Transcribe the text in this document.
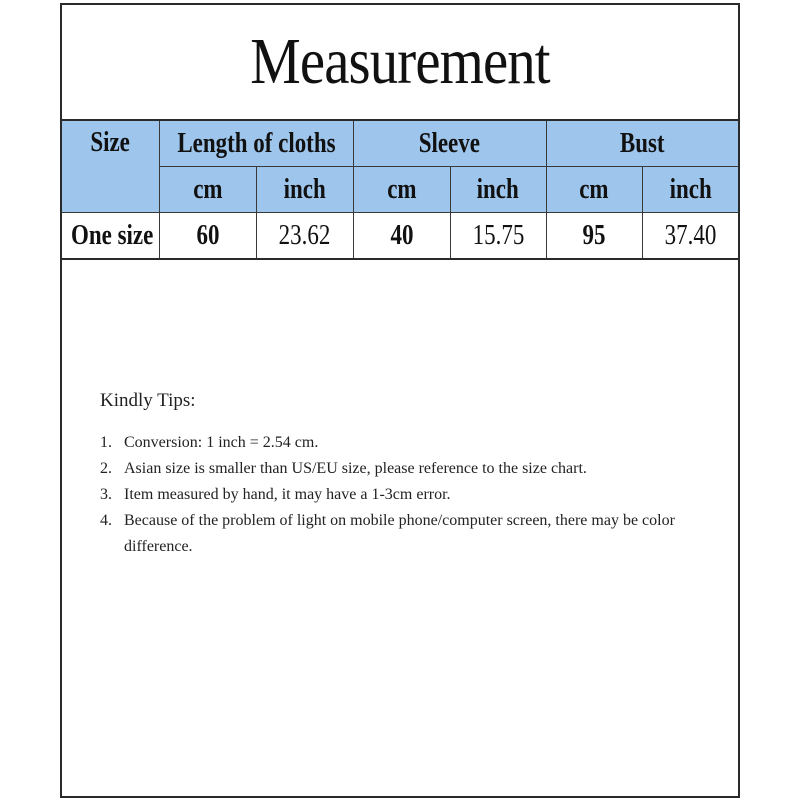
Measurement
Size	Length of cloths		Sleeve		Bust	
	cm	inch	cm	inch	cm	inch
One size	60	23.62	40	15.75	95	37.40
Kindly Tips:
1. Conversion: 1 inch = 2.54 cm.
2. Asian size is smaller than US/EU size, please reference to the size chart.
3. Item measured by hand, it may have a 1-3cm error.
4. Because of the problem of light on mobile phone/computer screen, there may be color difference.
